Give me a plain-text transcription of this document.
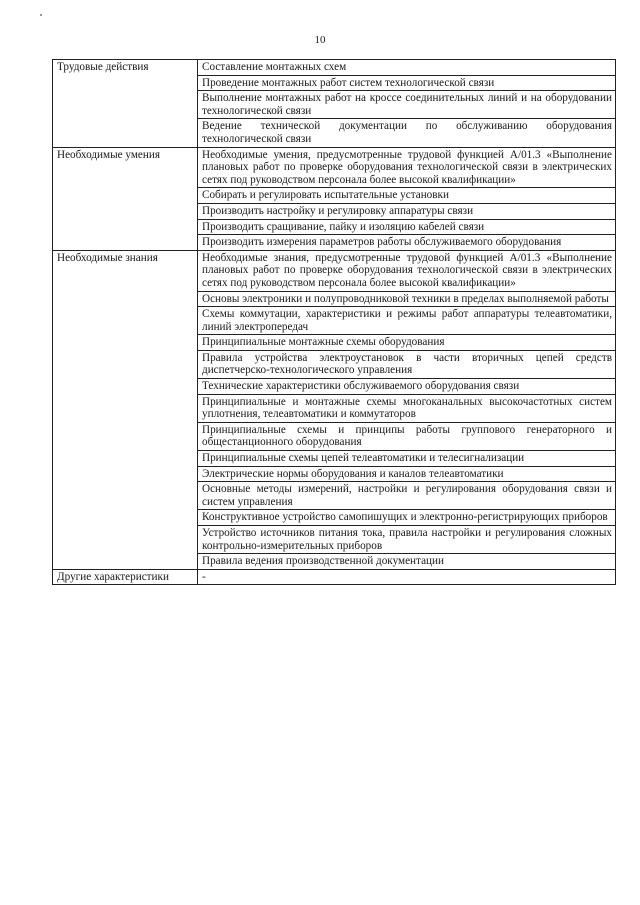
10
Трудовые действия	Составление монтажных схем
	Проведение монтажных работ систем технологической связи
	Выполнение монтажных работ на кроссе соединительных линий и на оборудовании технологической связи
	Ведение технической документации по обслуживанию оборудования технологической связи
Необходимые умения	Необходимые умения, предусмотренные трудовой функцией А/01.3 «Выполнение плановых работ по проверке оборудования технологической связи в электрических сетях под руководством персонала более высокой квалификации»
	Собирать и регулировать испытательные установки
	Производить настройку и регулировку аппаратуры связи
	Производить сращивание, пайку и изоляцию кабелей связи
	Производить измерения параметров работы обслуживаемого оборудования
Необходимые знания	Необходимые знания, предусмотренные трудовой функцией А/01.3 «Выполнение плановых работ по проверке оборудования технологической связи в электрических сетях под руководством персонала более высокой квалификации»
	Основы электроники и полупроводниковой техники в пределах выполняемой работы
	Схемы коммутации, характеристики и режимы работ аппаратуры телеавтоматики, линий электропередач
	Принципиальные монтажные схемы оборудования
	Правила устройства электроустановок в части вторичных цепей средств диспетчерско-технологического управления
	Технические характеристики обслуживаемого оборудования связи
	Принципиальные и монтажные схемы многоканальных высокочастотных систем уплотнения, телеавтоматики и коммутаторов
	Принципиальные схемы и принципы работы группового генераторного и общестанционного оборудования
	Принципиальные схемы цепей телеавтоматики и телесигнализации
	Электрические нормы оборудования и каналов телеавтоматики
	Основные методы измерений, настройки и регулирования оборудования связи и систем управления
	Конструктивное устройство самопишущих и электронно-регистрирующих приборов
	Устройство источников питания тока, правила настройки и регулирования сложных контрольно-измерительных приборов
	Правила ведения производственной документации
Другие характеристики	-
